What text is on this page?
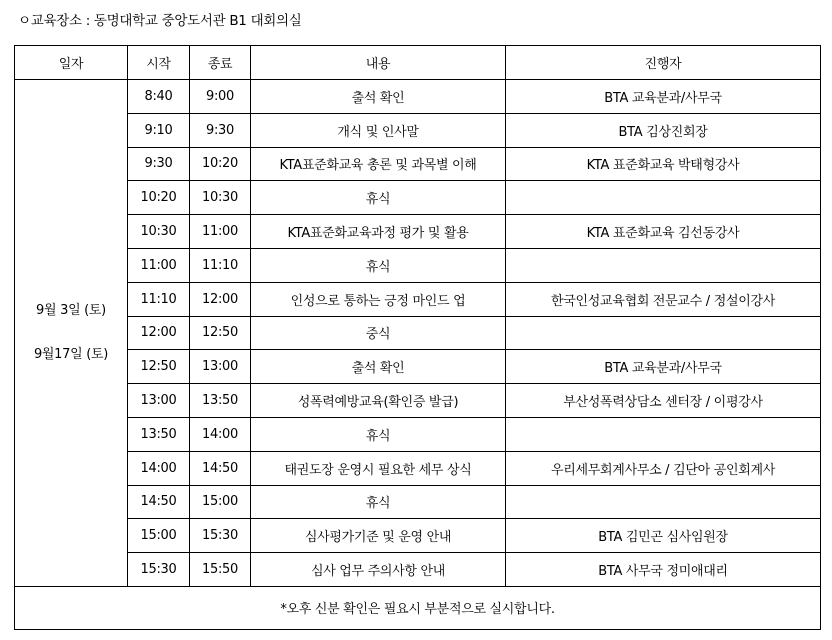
ㅇ교육장소 : 동명대학교 중앙도서관 B1 대회의실
일자	시작	종료	내용	진행자

9월 3일 (토)
9월17일 (토)	8:40	9:00	출석 확인	BTA 교육분과/사무국
	9:10	9:30	개식 및 인사말	BTA 김상진회장
	9:30	10:20	KTA표준화교육 총론 및 과목별 이해	KTA 표준화교육 박태형강사
	10:20	10:30	휴식	
	10:30	11:00	KTA표준화교육과정 평가 및 활용	KTA 표준화교육 김선동강사
	11:00	11:10	휴식	
	11:10	12:00	인성으로 통하는 긍정 마인드 업	한국인성교육협회 전문교수 / 정설이강사
	12:00	12:50	중식	
	12:50	13:00	출석 확인	BTA 교육분과/사무국
	13:00	13:50	성폭력예방교육(확인증 발급)	부산성폭력상담소 센터장 / 이평강사
	13:50	14:00	휴식	
	14:00	14:50	태권도장 운영시 필요한 세무 상식	우리세무회계사무소 / 김단아 공인회계사
	14:50	15:00	휴식	
	15:00	15:30	심사평가기준 및 운영 안내	BTA 김민곤 심사임원장
	15:30	15:50	심사 업무 주의사항 안내	BTA 사무국 정미애대리
*오후 신분 확인은 필요시 부분적으로 실시합니다.				
